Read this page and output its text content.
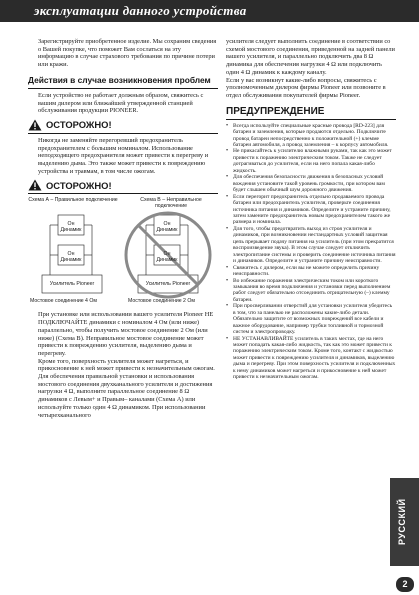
эксплуатации данного устройства

Зарегистрируйте приобретенное изделие. Мы сохраним сведения о Вашей покупке, что поможет Вам сослаться на эту информацию в случае страхового требования по причине потери или кражи.

Действия в случае возникновения проблем

Если устройство не работает должным образом, свяжитесь с вашим дилером или ближайшей утвержденной станцией обслуживания продукции PIONEER.

ОСТОРОЖНО!

Никогда не заменяйте перегоревший предохранитель предохранителем с большим номиналом. Использование неподходящего предохранителя может привести к перегреву и выделению дыма. Это также может привести к повреждению устройства и травмам, в том числе ожогам.

ОСТОРОЖНО!
Схема А – Правильное подключение	Схема В – Неправильное подключение
Он Динамик
Он Динамик
Усилитель Pioneer
Он Динамик
Он Динамик
Усилитель Pioneer
Мостовое соединение 4 Ом	Мостовое соединение 2 Ом

При установке или использовании вашего усилителя Pioneer НЕ ПОДКЛЮЧАЙТЕ динамики с номиналом 4 Ом (или ниже) параллельно, чтобы получить мостовое соединение 2 Ом (или ниже) (Схема В). Неправильное мостовое соединение может привести к повреждению усилителя, выделению дыма и перегреву.

Кроме того, поверхность усилителя может нагреться, и прикосновение к ней может привести к незначительным ожогам. Для обеспечения правильной установки и использования мостового соединения двухканального усилителя и достижения нагрузки 4 Ω, выполните параллельное соединение 8 Ω динамиков с Левым+ и Правым– каналами (Схема А) или используйте только один 4 Ω динамиком. При использовании четырехканального

усилителя следует выполнить соединение в соответствии со схемой мостового соединения, приведенной на задней панели вашего усилителя, и параллельно подключить два 8 Ω динамика для обеспечения нагрузки 4 Ω или подключить один 4 Ω динамик к каждому каналу.

Если у вас возникнут какие-либо вопросы, свяжитесь с уполномоченным дилером фирмы Pioneer или позвоните в отдел обслуживания покупателей фирмы Pioneer.

ПРЕДУПРЕЖДЕНИЕ
• Всегда используйте специальные красные провода [RD-223] для батареи и заземления, которые продаются отдельно. Подключите провод батареи непосредственно к положительной (+) клемме батареи автомобиля, а провод заземления – к корпусу автомобиля.
• Не прикасайтесь к усилителю влажными руками, так как это может привести к поражению электрическим током. Также не следует дотрагиваться до усилителя, если на него попала какая-либо жидкость.
• Для обеспечения безопасности движения в безопасных условий вождения установите такой уровень громкости, при котором вам будет слышен обычный шум дорожного движения.
• Если перегорит предохранитель отдельно продаваемого провода батареи или предохранитель усилителя, проверьте соединения источника питания и динамиков. Определите и устраните причину, затем замените предохранитель новым предохранителем такого же размера и номинала.
• Для того, чтобы предотвратить выход из строя усилителя и динамиков, при возникновении нестандартных условий защитная цепь прерывает подачу питания на усилитель (при этом прекратится воспроизведение звука). В этом случае следует отключить электропитание системы и проверить соединение источника питания и динамиков. Определите и устраните причину неисправности.
• Свяжитесь с дилером, если вы не можете определить причину неисправности.
• Во избежание поражения электрическим током или короткого замыкания во время подключения и установки перед выполнением работ следует обязательно отсоединить отрицательную (–) клемму батареи.
• При просверливании отверстий для установки усилителя убедитесь в том, что за панелью не расположены какие-либо детали. Обязательно защитите от возможных повреждений все кабели и важное оборудование, например трубки топливной и тормозной систем и электропроводку.
• НЕ УСТАНАВЛИВАЙТЕ усилитель в таких местах, где на него может попадать какая-либо жидкость, так как это может привести к поражению электрическим током. Кроме того, контакт с жидкостью может привести к повреждению усилителя и динамиков, выделению дыма и перегреву. При этом поверхность усилителя и подключенных к нему динамиков может нагреться и прикосновение к ней может привести к незначительным ожогам.
РУССКИЙ
2
